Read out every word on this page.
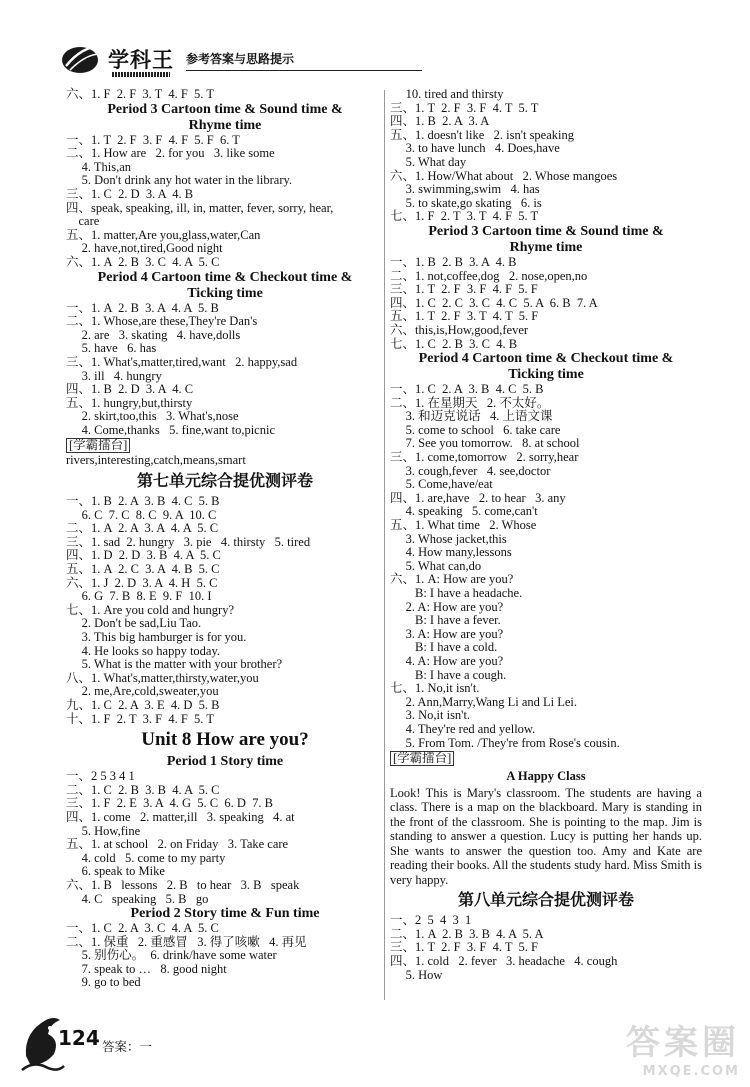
学科王 参考答案与思路提示
六、1. F  2. F  3. T  4. F  5. T
Period 3 Cartoon time & Sound time &
Rhyme time
一、1. T  2. F  3. F  4. F  5. F  6. T
二、1. How are   2. for you   3. like some
4. This,an
5. Don't drink any hot water in the library.
三、1. C  2. D  3. A  4. B
四、speak, speaking, ill, in, matter, fever, sorry, hear,
care
五、1. matter,Are you,glass,water,Can
2. have,not,tired,Good night
六、1. A  2. B  3. C  4. A  5. C
Period 4 Cartoon time & Checkout time &
Ticking time
一、1. A  2. B  3. A  4. A  5. B
二、1. Whose,are these,They're Dan's
2. are   3. skating   4. have,dolls
5. have   6. has
三、1. What's,matter,tired,want   2. happy,sad
3. ill   4. hungry
四、1. B  2. D  3. A  4. C
五、1. hungry,but,thirsty
2. skirt,too,this   3. What's,nose
4. Come,thanks   5. fine,want to,picnic
[学霸擂台]
rivers,interesting,catch,means,smart
第七单元综合提优测评卷
一、1. B  2. A  3. B  4. C  5. B
6. C  7. C  8. C  9. A  10. C
二、1. A  2. A  3. A  4. A  5. C
三、1. sad  2. hungry   3. pie   4. thirsty   5. tired
四、1. D  2. D  3. B  4. A  5. C
五、1. A  2. C  3. A  4. B  5. C
六、1. J  2. D  3. A  4. H  5. C
6. G  7. B  8. E  9. F  10. I
七、1. Are you cold and hungry?
2. Don't be sad,Liu Tao.
3. This big hamburger is for you.
4. He looks so happy today.
5. What is the matter with your brother?
八、1. What's,matter,thirsty,water,you
2. me,Are,cold,sweater,you
九、1. C  2. A  3. E  4. D  5. B
十、1. F  2. T  3. F  4. F  5. T
Unit 8 How are you?
Period 1 Story time
一、2 5 3 4 1
二、1. C  2. B  3. B  4. A  5. C
三、1. F  2. E  3. A  4. G  5. C  6. D  7. B
四、1. come   2. matter,ill   3. speaking   4. at
5. How,fine
五、1. at school   2. on Friday   3. Take care
4. cold   5. come to my party
6. speak to Mike
六、1. B   lessons   2. B   to hear   3. B   speak
4. C   speaking   5. B   go
Period 2 Story time & Fun time
一、1. C  2. A  3. C  4. A  5. C
二、1. 保重   2. 重感冒   3. 得了咳嗽   4. 再见
5. 别伤心。  6. drink/have some water
7. speak to …   8. good night
9. go to bed
10. tired and thirsty
三、1. T  2. F  3. F  4. T  5. T
四、1. B  2. A  3. A
五、1. doesn't like   2. isn't speaking
3. to have lunch   4. Does,have
5. What day
六、1. How/What about   2. Whose mangoes
3. swimming,swim   4. has
5. to skate,go skating   6. is
七、1. F  2. T  3. T  4. F  5. T
Period 3 Cartoon time & Sound time &
Rhyme time
一、1. B  2. B  3. A  4. B
二、1. not,coffee,dog   2. nose,open,no
三、1. T  2. F  3. F  4. F  5. F
四、1. C  2. C  3. C  4. C  5. A  6. B  7. A
五、1. T  2. F  3. T  4. T  5. F
六、this,is,How,good,fever
七、1. C  2. B  3. C  4. B
Period 4 Cartoon time & Checkout time &
Ticking time
一、1. C  2. A  3. B  4. C  5. B
二、1. 在星期天   2. 不太好。
3. 和迈克说话   4. 上语文课
5. come to school   6. take care
7. See you tomorrow.   8. at school
三、1. come,tomorrow   2. sorry,hear
3. cough,fever   4. see,doctor
5. Come,have/eat
四、1. are,have   2. to hear   3. any
4. speaking   5. come,can't
五、1. What time   2. Whose
3. Whose jacket,this
4. How many,lessons
5. What can,do
六、1. A: How are you?
B: I have a headache.
2. A: How are you?
B: I have a fever.
3. A: How are you?
B: I have a cold.
4. A: How are you?
B: I have a cough.
七、1. No,it isn't.
2. Ann,Marry,Wang Li and Li Lei.
3. No,it isn't.
4. They're red and yellow.
5. From Tom. /They're from Rose's cousin.
[学霸擂台]
A Happy Class
Look! This is Mary's classroom. The students are having a class. There is a map on the blackboard. Mary is standing in the front of the classroom. She is pointing to the map. Jim is standing to answer a question. Lucy is putting her hands up. She wants to answer the question too. Amy and Kate are reading their books. All the students study hard. Miss Smith is very happy.
第八单元综合提优测评卷
一、2  5  4  3  1
二、1. A  2. B  3. B  4. A  5. A
三、1. T  2. F  3. F  4. T  5. F
四、1. cold   2. fever   3. headache   4. cough
5. How
124 答案：一	答案圈
MXQE.COM
